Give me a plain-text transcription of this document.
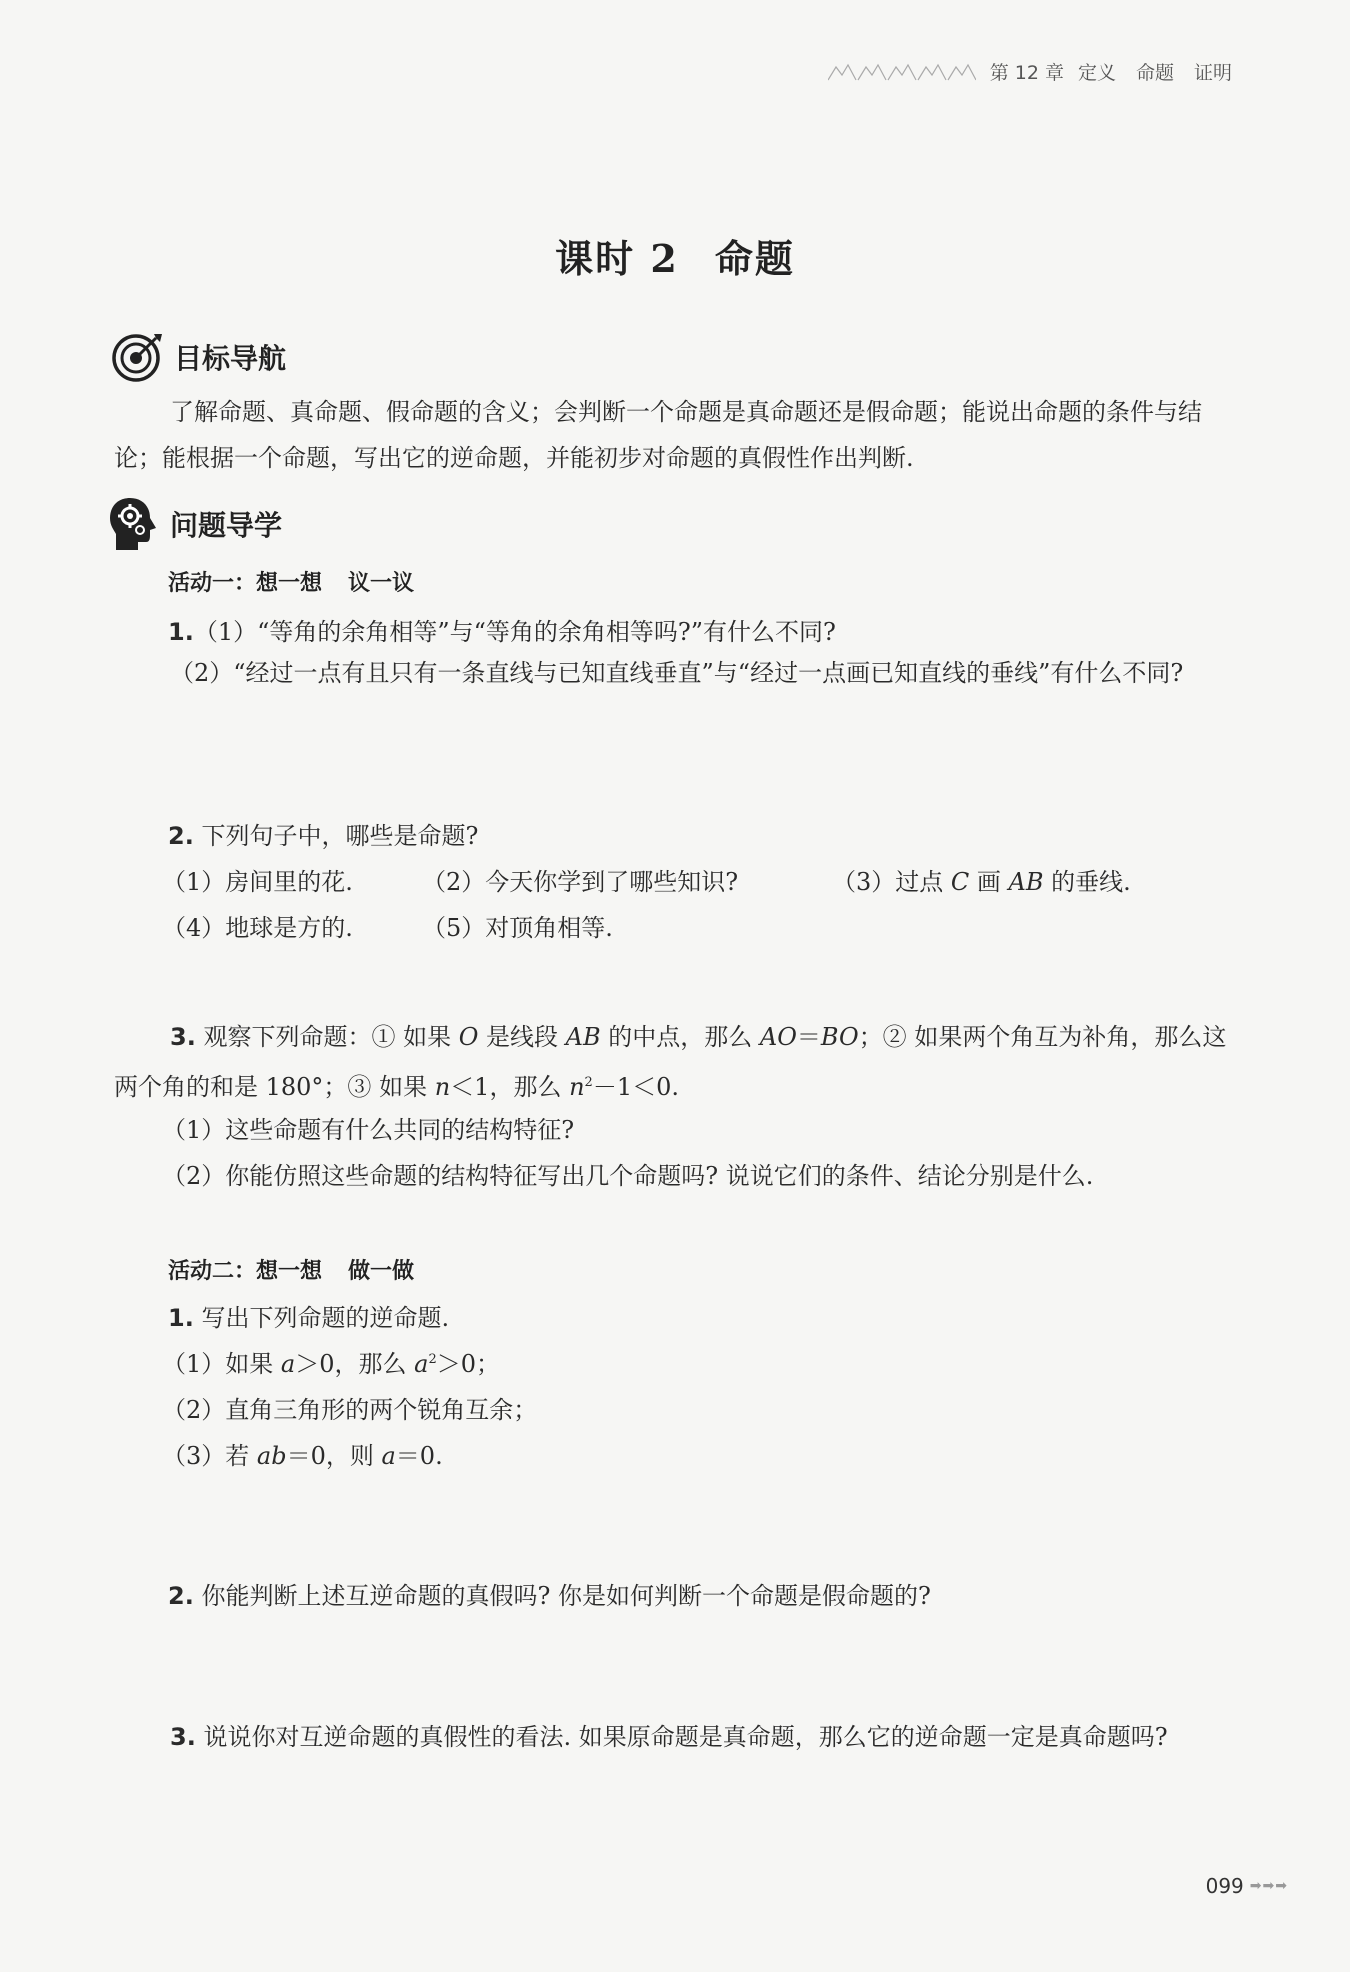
第 12 章 定义 命题 证明
课时 2 命题
目标导航

了解命题、真命题、假命题的含义；会判断一个命题是真命题还是假命题；能说出命题的条件与结论；能根据一个命题，写出它的逆命题，并能初步对命题的真假性作出判断.

问题导学
活动一：想一想 议一议

1.（1）“等角的余角相等”与“等角的余角相等吗?”有什么不同?

（2）“经过一点有且只有一条直线与已知直线垂直”与“经过一点画已知直线的垂线”有什么不同?

2. 下列句子中，哪些是命题?

（1）房间里的花.	（2）今天你学到了哪些知识?	（3）过点 C 画 AB 的垂线.

（4）地球是方的.	（5）对顶角相等.

3. 观察下列命题：① 如果 O 是线段 AB 的中点，那么 AO＝BO；② 如果两个角互为补角，那么这两个角的和是 180°；③ 如果 n＜1，那么 $n^2-1<0$.

（1）这些命题有什么共同的结构特征?

（2）你能仿照这些命题的结构特征写出几个命题吗? 说说它们的条件、结论分别是什么.

活动二：想一想 做一做

1. 写出下列命题的逆命题.

（1）如果 a＞0，那么 $a^2>0$；

（2）直角三角形的两个锐角互余；

（3）若 ab＝0，则 a＝0.

2. 你能判断上述互逆命题的真假吗? 你是如何判断一个命题是假命题的?

3. 说说你对互逆命题的真假性的看法. 如果原命题是真命题，那么它的逆命题一定是真命题吗?

099 ➡➡➡
